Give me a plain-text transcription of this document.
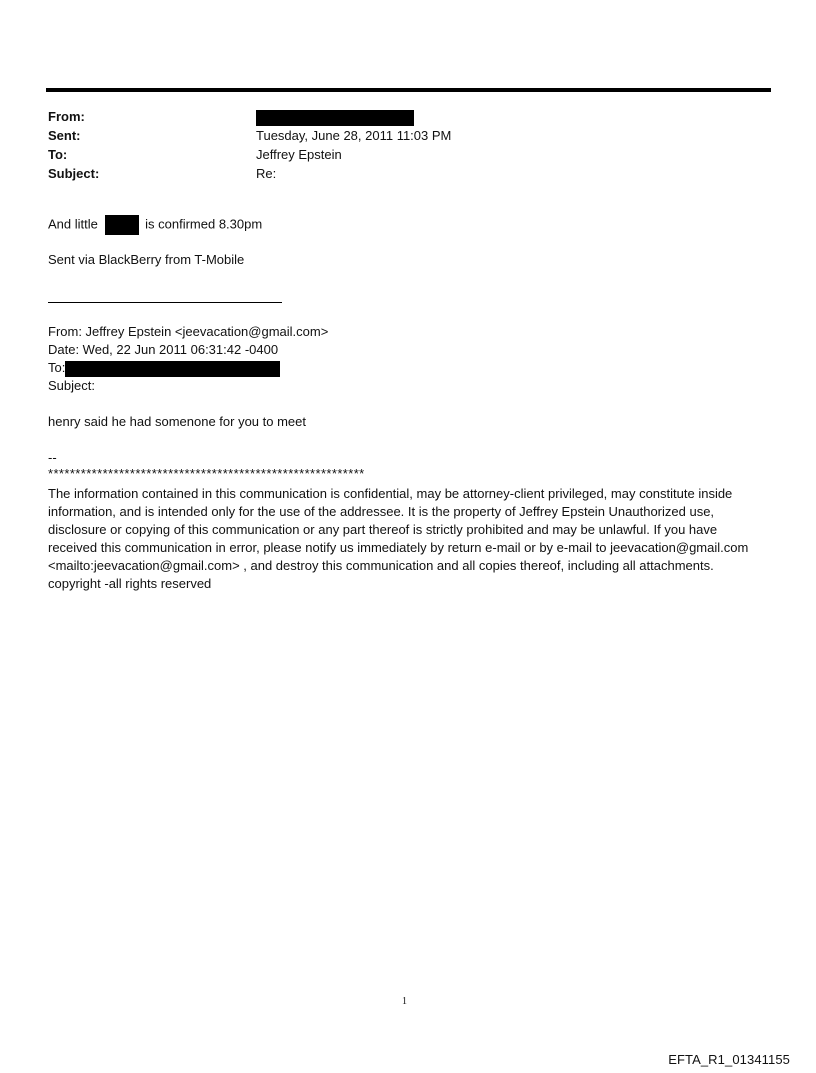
From:
Sent:	Tuesday, June 28, 2011 11:03 PM
To:	Jeffrey Epstein
Subject:	Re:
And little	is confirmed 8.30pm
Sent via BlackBerry from T-Mobile

From: Jeffrey Epstein <jeevacation@gmail.com>

Date: Wed, 22 Jun 2011 06:31:42 -0400

To:

Subject:

henry said he had somenone for you to meet
--
**********************************************************
The information contained in this communication is confidential, may be attorney-client privileged, may constitute inside information, and is intended only for the use of the addressee. It is the property of Jeffrey Epstein Unauthorized use, disclosure or copying of this communication or any part thereof is strictly prohibited and may be unlawful. If you have received this communication in error, please notify us immediately by return e-mail or by e-mail to jeevacation@gmail.com <mailto:jeevacation@gmail.com> , and destroy this communication and all copies thereof, including all attachments. copyright -all rights reserved
1
EFTA_R1_01341155
